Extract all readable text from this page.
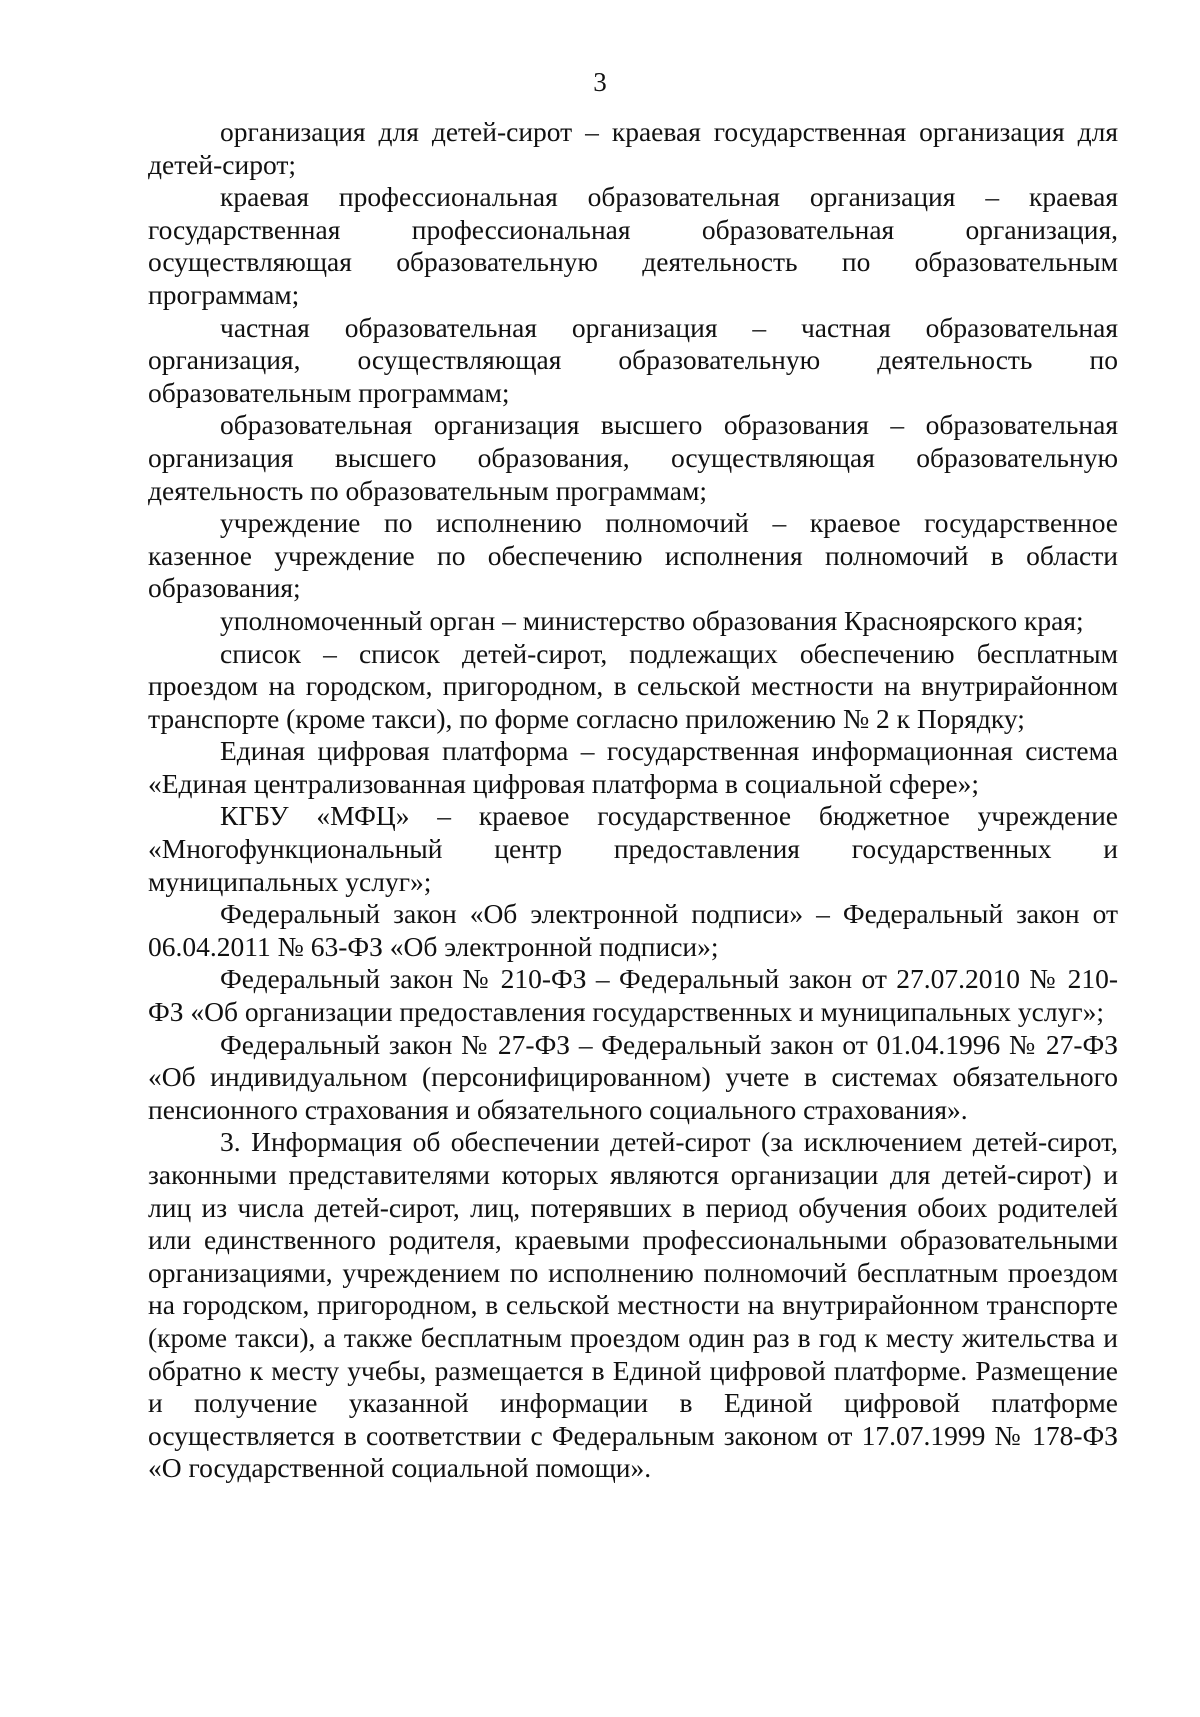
3

организация для детей-сирот – краевая государственная организация для детей-сирот;

краевая профессиональная образовательная организация – краевая государственная профессиональная образовательная организация, осуществляющая образовательную деятельность по образовательным программам;

частная образовательная организация – частная образовательная организация, осуществляющая образовательную деятельность по образовательным программам;

образовательная организация высшего образования – образовательная организация высшего образования, осуществляющая образовательную деятельность по образовательным программам;

учреждение по исполнению полномочий – краевое государственное казенное учреждение по обеспечению исполнения полномочий в области образования;

уполномоченный орган – министерство образования Красноярского края;

список – список детей-сирот, подлежащих обеспечению бесплатным проездом на городском, пригородном, в сельской местности на внутрирайонном транспорте (кроме такси), по форме согласно приложению № 2 к Порядку;

Единая цифровая платформа – государственная информационная система «Единая централизованная цифровая платформа в социальной сфере»;

КГБУ «МФЦ» – краевое государственное бюджетное учреждение «Многофункциональный центр предоставления государственных и муниципальных услуг»;

Федеральный закон «Об электронной подписи» – Федеральный закон от 06.04.2011 № 63-ФЗ «Об электронной подписи»;

Федеральный закон № 210-ФЗ – Федеральный закон от 27.07.2010 № 210-ФЗ «Об организации предоставления государственных и муниципальных услуг»;

Федеральный закон № 27-ФЗ – Федеральный закон от 01.04.1996 № 27-ФЗ «Об индивидуальном (персонифицированном) учете в системах обязательного пенсионного страхования и обязательного социального страхования».

3. Информация об обеспечении детей-сирот (за исключением детей-сирот, законными представителями которых являются организации для детей-сирот) и лиц из числа детей-сирот, лиц, потерявших в период обучения обоих родителей или единственного родителя, краевыми профессиональными образовательными организациями, учреждением по исполнению полномочий бесплатным проездом на городском, пригородном, в сельской местности на внутрирайонном транспорте (кроме такси), а также бесплатным проездом один раз в год к месту жительства и обратно к месту учебы, размещается в Единой цифровой платформе. Размещение и получение указанной информации в Единой цифровой платформе осуществляется в соответствии с Федеральным законом от 17.07.1999 № 178-ФЗ «О государственной социальной помощи».
